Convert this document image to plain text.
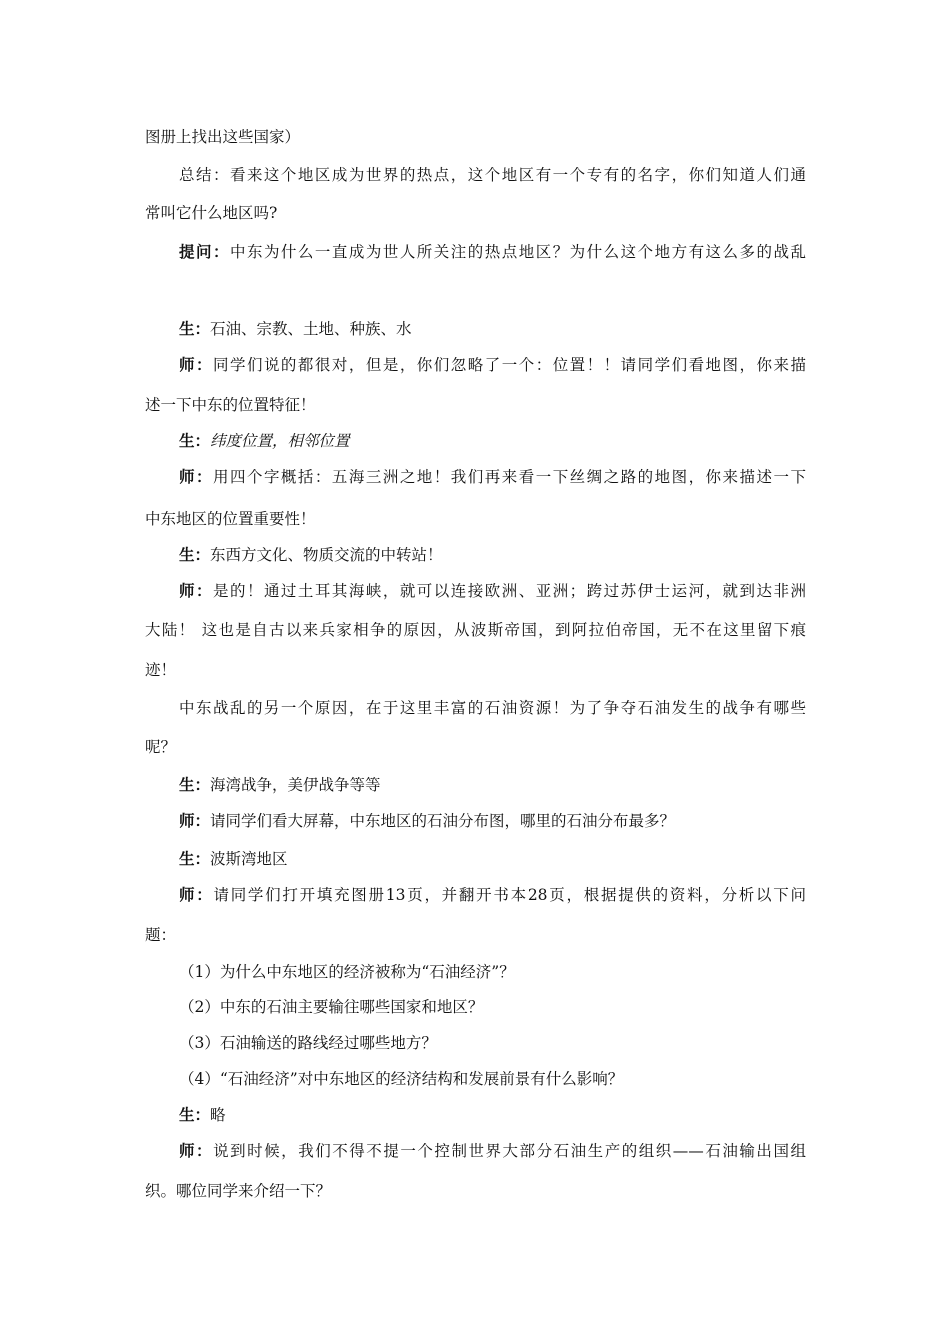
图册上找出这些国家）
总结：看来这个地区成为世界的热点，这个地区有一个专有的名字，你们知道人们通
常叫它什么地区吗?
提问：中东为什么一直成为世人所关注的热点地区？为什么这个地方有这么多的战乱
生：石油、宗教、土地、种族、水
师：同学们说的都很对，但是，你们忽略了一个：位置！！请同学们看地图，你来描
述一下中东的位置特征！
生：纬度位置，相邻位置
师：用四个字概括：五海三洲之地！我们再来看一下丝绸之路的地图，你来描述一下
中东地区的位置重要性！
生：东西方文化、物质交流的中转站！
师：是的！通过土耳其海峡，就可以连接欧洲、亚洲；跨过苏伊士运河，就到达非洲
大陆！ 这也是自古以来兵家相争的原因，从波斯帝国，到阿拉伯帝国，无不在这里留下痕
迹！
中东战乱的另一个原因，在于这里丰富的石油资源！为了争夺石油发生的战争有哪些
呢？
生：海湾战争，美伊战争等等
师：请同学们看大屏幕，中东地区的石油分布图，哪里的石油分布最多？
生：波斯湾地区
师：请同学们打开填充图册13页，并翻开书本28页，根据提供的资料，分析以下问
题：
（1）为什么中东地区的经济被称为“石油经济”？
（2）中东的石油主要输往哪些国家和地区？
（3）石油输送的路线经过哪些地方？
（4）“石油经济”对中东地区的经济结构和发展前景有什么影响？
生：略
师：说到时候，我们不得不提一个控制世界大部分石油生产的组织——石油输出国组
织。哪位同学来介绍一下？
